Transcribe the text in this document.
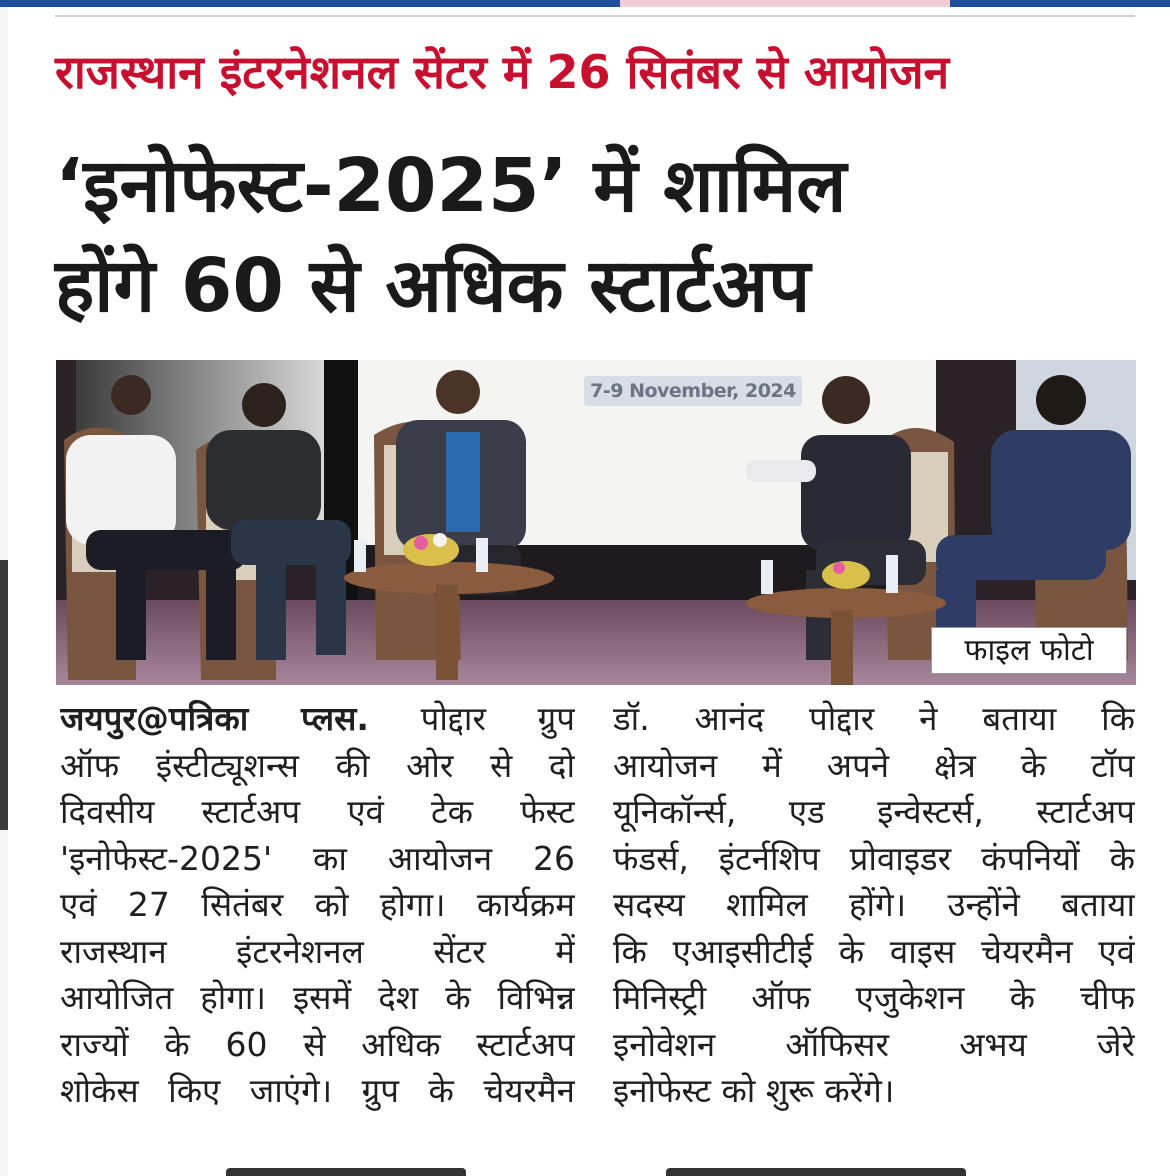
राजस्थान इंटरनेशनल सेंटर में 26 सितंबर से आयोजन
‘इनोफेस्ट-2025’ में शामिल
होंगे 60 से अधिक स्टार्टअप
7-9 November, 2024
फाइल फोटो
जयपुर@पत्रिका प्लस. पोद्दार ग्रुप
ऑफ इंस्टीट्यूशन्स की ओर से दो
दिवसीय स्टार्टअप एवं टेक फेस्ट
'इनोफेस्ट-2025' का आयोजन 26
एवं 27 सितंबर को होगा। कार्यक्रम
राजस्थान इंटरनेशनल सेंटर में
आयोजित होगा। इसमें देश के विभिन्न
राज्यों के 60 से अधिक स्टार्टअप
शोकेस किए जाएंगे। ग्रुप के चेयरमैन
डॉ. आनंद पोद्दार ने बताया कि
आयोजन में अपने क्षेत्र के टॉप
यूनिकॉर्न्स, एड इन्वेस्टर्स, स्टार्टअप
फंडर्स, इंटर्नशिप प्रोवाइडर कंपनियों के
सदस्य शामिल होंगे। उन्होंने बताया
कि एआइसीटीई के वाइस चेयरमैन एवं
मिनिस्ट्री ऑफ एजुकेशन के चीफ
इनोवेशन ऑफिसर अभय जेरे
इनोफेस्ट को शुरू करेंगे।
